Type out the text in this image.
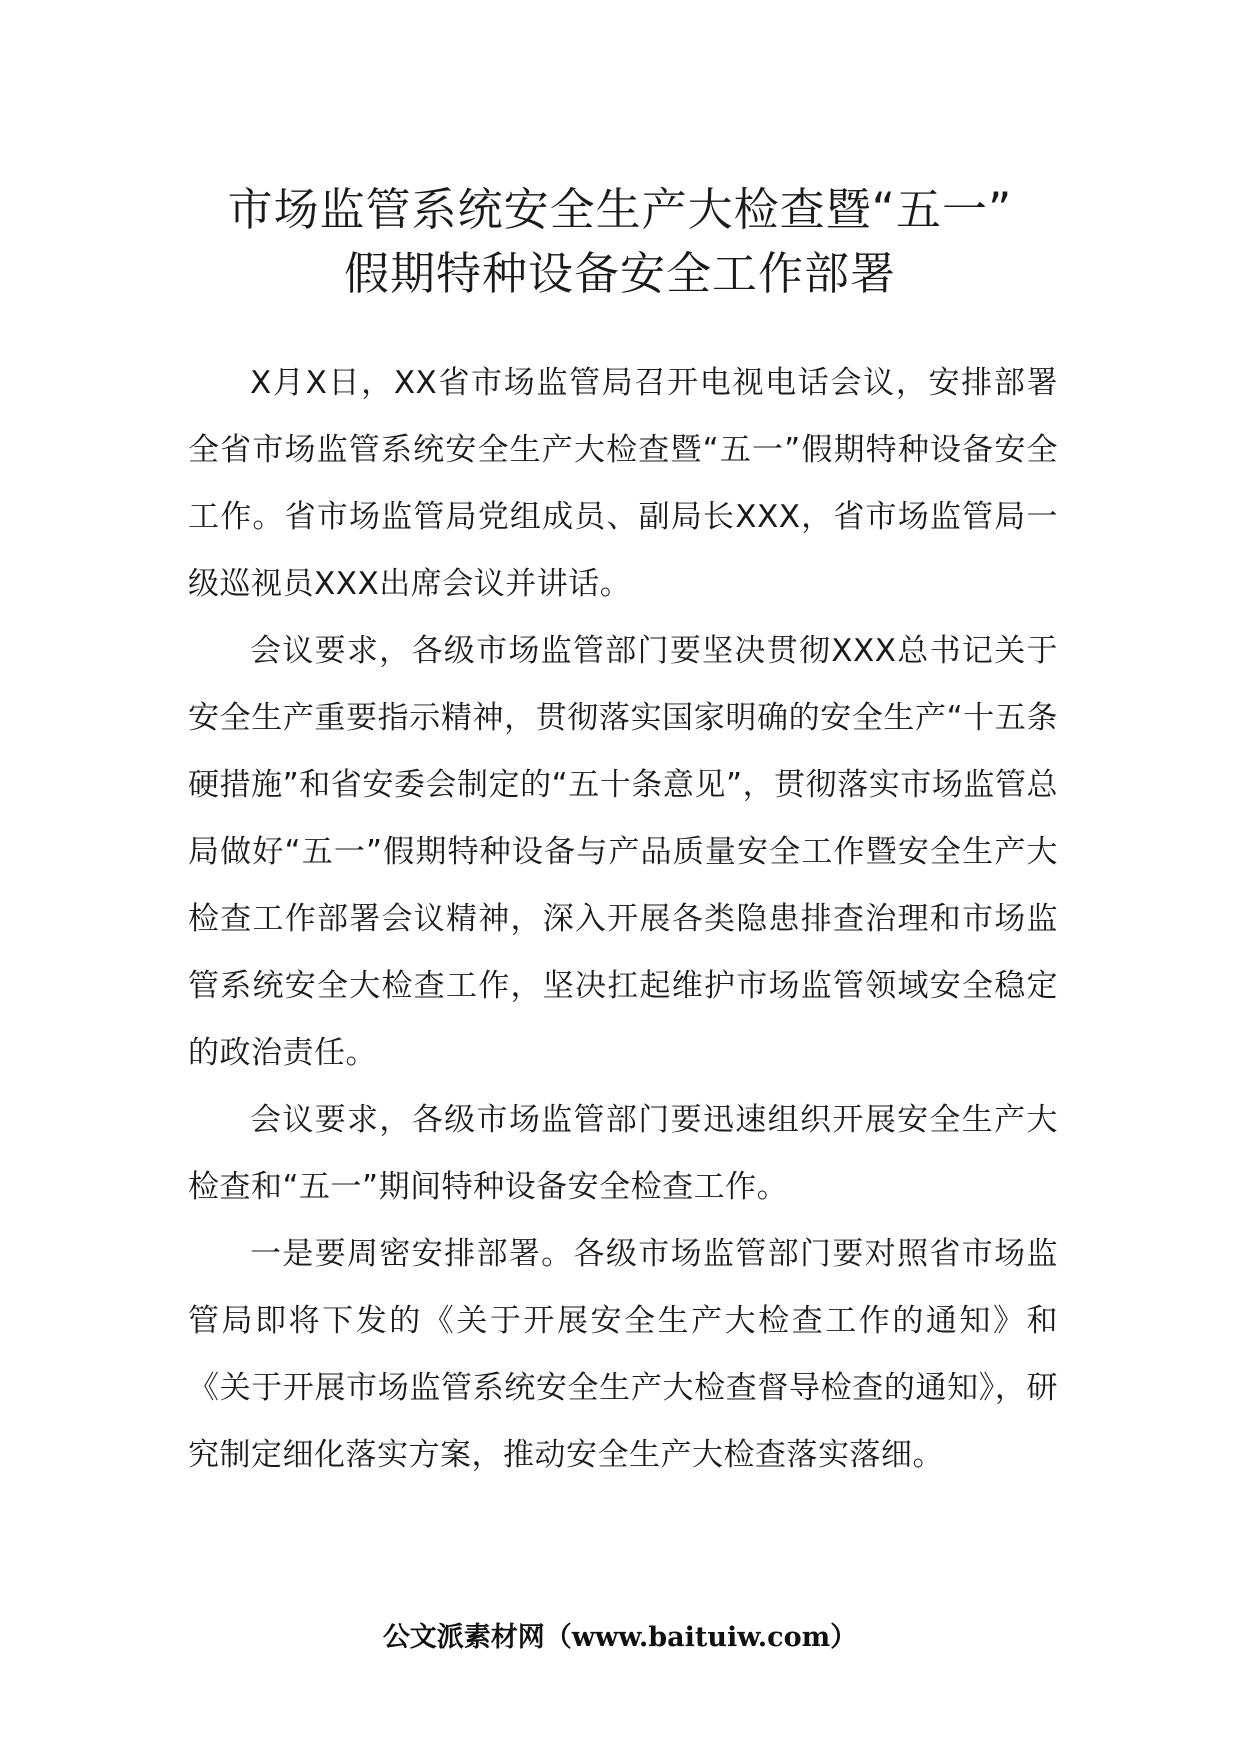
市场监管系统安全生产大检查暨“五一”
假期特种设备安全工作部署

X月X日，XX省市场监管局召开电视电话会议，安排部署全省市场监管系统安全生产大检查暨“五一”假期特种设备安全工作。省市场监管局党组成员、副局长XXX，省市场监管局一级巡视员XXX出席会议并讲话。

会议要求，各级市场监管部门要坚决贯彻XXX总书记关于安全生产重要指示精神，贯彻落实国家明确的安全生产“十五条硬措施”和省安委会制定的“五十条意见”，贯彻落实市场监管总局做好“五一”假期特种设备与产品质量安全工作暨安全生产大检查工作部署会议精神，深入开展各类隐患排查治理和市场监管系统安全大检查工作，坚决扛起维护市场监管领域安全稳定的政治责任。

会议要求，各级市场监管部门要迅速组织开展安全生产大检查和“五一”期间特种设备安全检查工作。

一是要周密安排部署。各级市场监管部门要对照省市场监管局即将下发的《关于开展安全生产大检查工作的通知》和《关于开展市场监管系统安全生产大检查督导检查的通知》，研究制定细化落实方案，推动安全生产大检查落实落细。

公文派素材网（www.baituiw.com）
